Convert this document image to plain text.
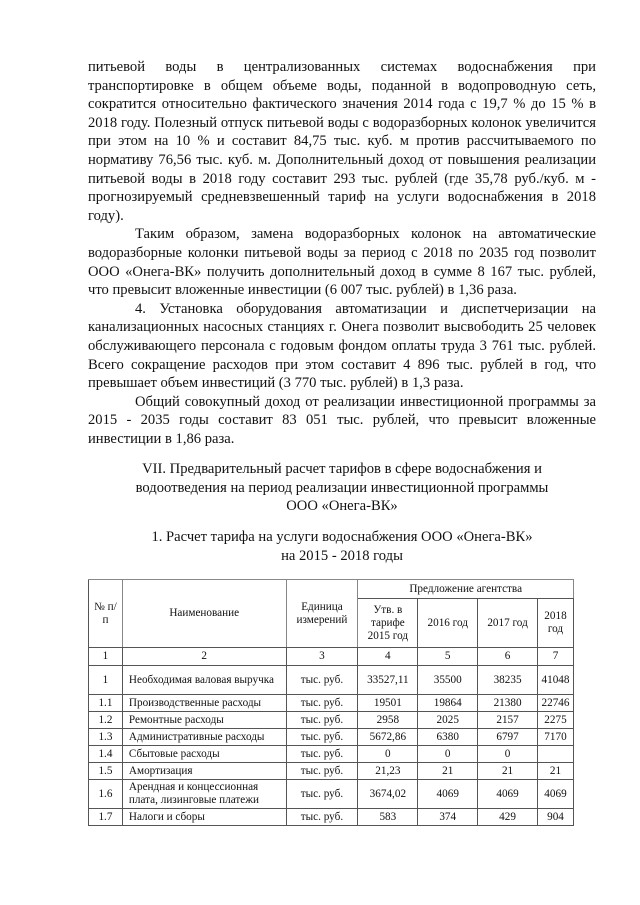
питьевой воды в централизованных системах водоснабжения при транспортировке в общем объеме воды, поданной в водопроводную сеть, сократится относительно фактического значения 2014 года с 19,7 % до 15 % в 2018 году. Полезный отпуск питьевой воды с водоразборных колонок увеличится при этом на 10 % и составит 84,75 тыс. куб. м против рассчитываемого по нормативу 76,56 тыс. куб. м. Дополнительный доход от повышения реализации питьевой воды в 2018 году составит 293 тыс. рублей (где 35,78 руб./куб. м - прогнозируемый средневзвешенный тариф на услуги водоснабжения в 2018 году).

Таким образом, замена водоразборных колонок на автоматические водоразборные колонки питьевой воды за период с 2018 по 2035 год позволит ООО «Онега-ВК» получить дополнительный доход в сумме 8 167 тыс. рублей, что превысит вложенные инвестиции (6 007 тыс. рублей) в 1,36 раза.

4. Установка оборудования автоматизации и диспетчеризации на канализационных насосных станциях г. Онега позволит высвободить 25 человек обслуживающего персонала с годовым фондом оплаты труда 3 761 тыс. рублей. Всего сокращение расходов при этом составит 4 896 тыс. рублей в год, что превышает объем инвестиций (3 770 тыс. рублей) в 1,3 раза.

Общий совокупный доход от реализации инвестиционной программы за 2015 - 2035 годы составит 83 051 тыс. рублей, что превысит вложенные инвестиции в 1,86 раза.

VII. Предварительный расчет тарифов в сфере водоснабжения и

водоотведения на период реализации инвестиционной программы

ООО «Онега-ВК»

1. Расчет тарифа на услуги водоснабжения ООО «Онега-ВК»

на 2015 - 2018 годы

№ п/п	Наименование	Единица измерений	Предложение агентства			
			Утв. в тарифе 2015 год	2016 год	2017 год	2018 год
1	2	3	4	5	6	7
1	Необходимая валовая выручка	тыс. руб.	33527,11	35500	38235	41048
1.1	Производственные расходы	тыс. руб.	19501	19864	21380	22746
1.2	Ремонтные расходы	тыс. руб.	2958	2025	2157	2275
1.3	Административные расходы	тыс. руб.	5672,86	6380	6797	7170
1.4	Сбытовые расходы	тыс. руб.	0	0	0	
1.5	Амортизация	тыс. руб.	21,23	21	21	21
1.6	Арендная и концессионная плата, лизинговые платежи	тыс. руб.	3674,02	4069	4069	4069
1.7	Налоги и сборы	тыс. руб.	583	374	429	904
